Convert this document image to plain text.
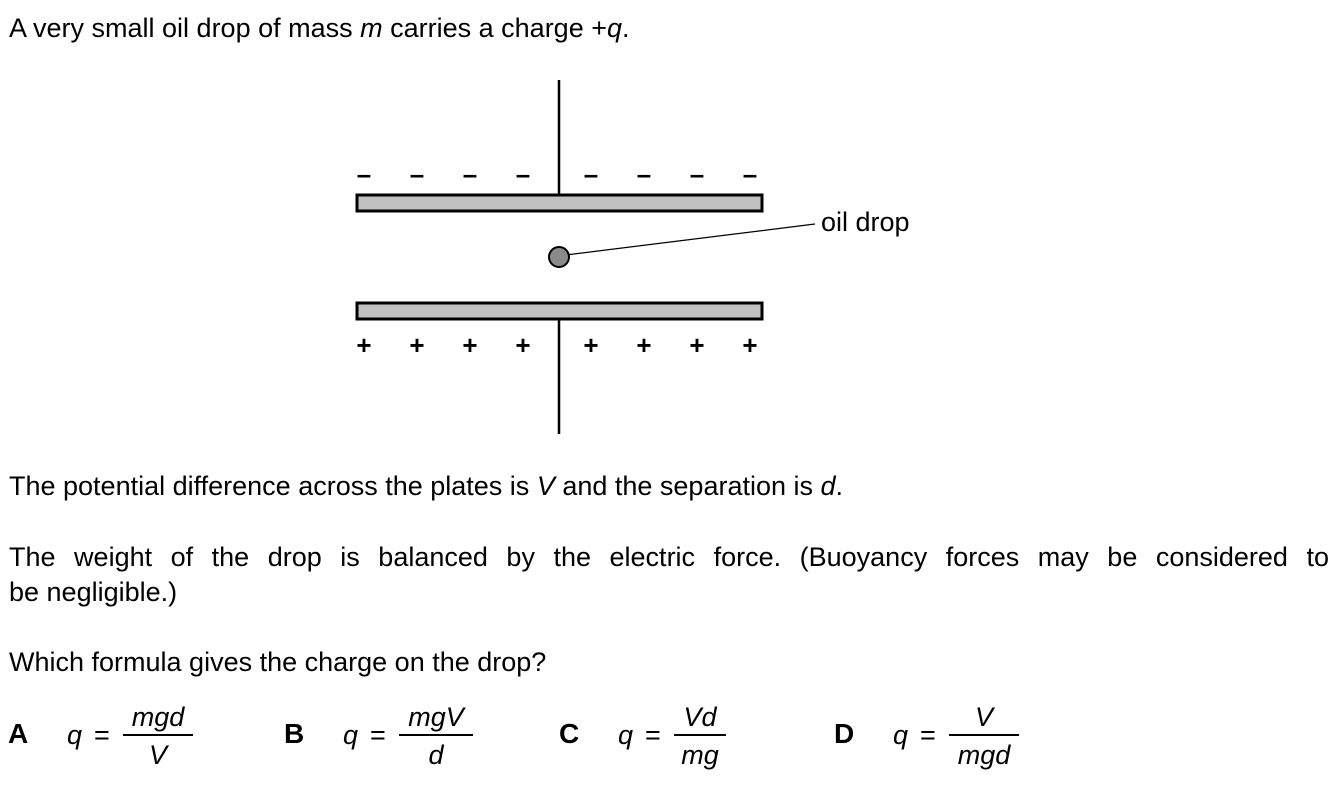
A very small oil drop of mass m carries a charge +q.
– – – – – – – –
+ + + + + + + +
oil drop
The potential difference across the plates is V and the separation is d.
The weight of the drop is balanced by the electric force. (Buoyancy forces may be considered to
be negligible.)
Which formula gives the charge on the drop?
A q =
mgd
V
B q =
mgV
d
C $q = \frac{Vd}{mg}$	D q =
V
mgd
